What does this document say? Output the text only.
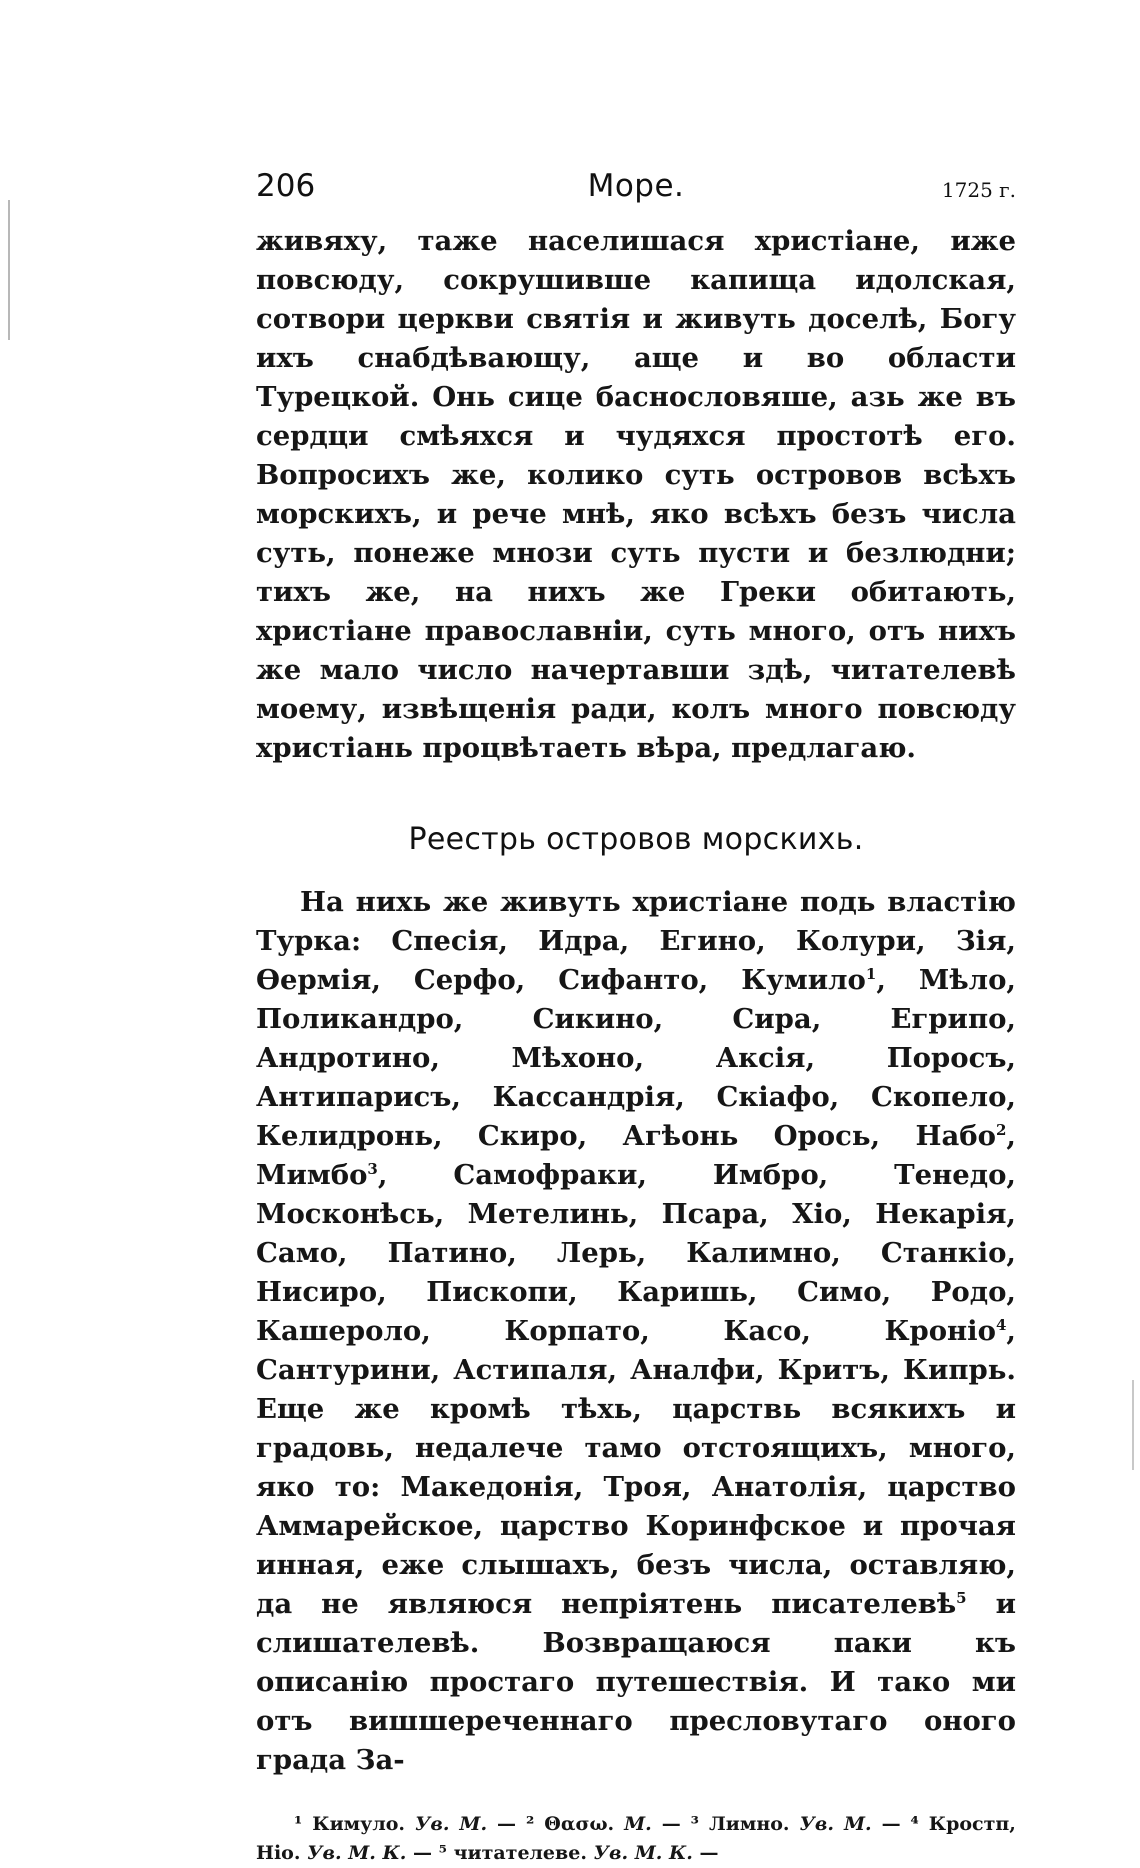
206	Море.	1725 г.

живяху, таже населишася христіане, иже повсюду, сокрушивше капища идолская, сотвори церкви святія и живуть доселѣ, Богу ихъ снабдѣвающу, аще и во области Турецкой. Онь сице баснословяше, азь же въ сердци смѣяхся и чудяхся простотѣ его. Вопросихъ же, колико суть островов всѣхъ морскихъ, и рече мнѣ, яко всѣхъ безъ числа суть, понеже мнози суть пусти и безлюдни; тихъ же, на нихъ же Греки обитають, христіане православніи, суть много, отъ нихъ же мало число начертавши здѣ, читателевѣ моему, извѣщенія ради, колъ много повсюду христіань процвѣтаеть вѣра, предлагаю.

Реестрь островов морскихь.

На нихь же живуть христіане подь властію Турка: Спесія, Идра, Егино, Колури, Зія, Ѳермія, Серфо, Сифанто, Кумило$^1$, Мѣло, Поликандро, Сикино, Сира, Егрипо, Андротино, Мѣхоно, Аксія, Поросъ, Антипарисъ, Кассандрія, Скіафо, Скопело, Келидронь, Скиро, Агѣонь Орось, Набо$^2$, Мимбо$^3$, Самофраки, Имбро, Тенедо, Москонѣсь, Метелинь, Псара, Хіо, Некарія, Само, Патино, Лерь, Калимно, Станкіо, Нисиро, Пископи, Каришь, Симо, Родо, Кашероло, Корпато, Касо, Кроніо$^4$, Сантурини, Астипаля, Аналфи, Критъ, Кипрь. Еще же кромѣ тѣхь, царствь всякихъ и градовь, недалече тамо отстоящихъ, много, яко то: Македонія, Троя, Анатолія, царство Аммарейское, царство Коринфское и прочая инная, еже слышахъ, безъ числа, оставляю, да не являюся непріятень писателевѣ$^5$ и слишателевѣ. Возвращаюся паки къ описанію простаго путешествія. И тако ми отъ вишшереченнаго пресловутаго оного града За-

¹ Кимуло. Ув. М. — ² Θασω. М. — ³ Лимно. Ув. М. — ⁴ Кростп, Ніо. Ув. М. К. — ⁵ читателеве. Ув. М. К. —
